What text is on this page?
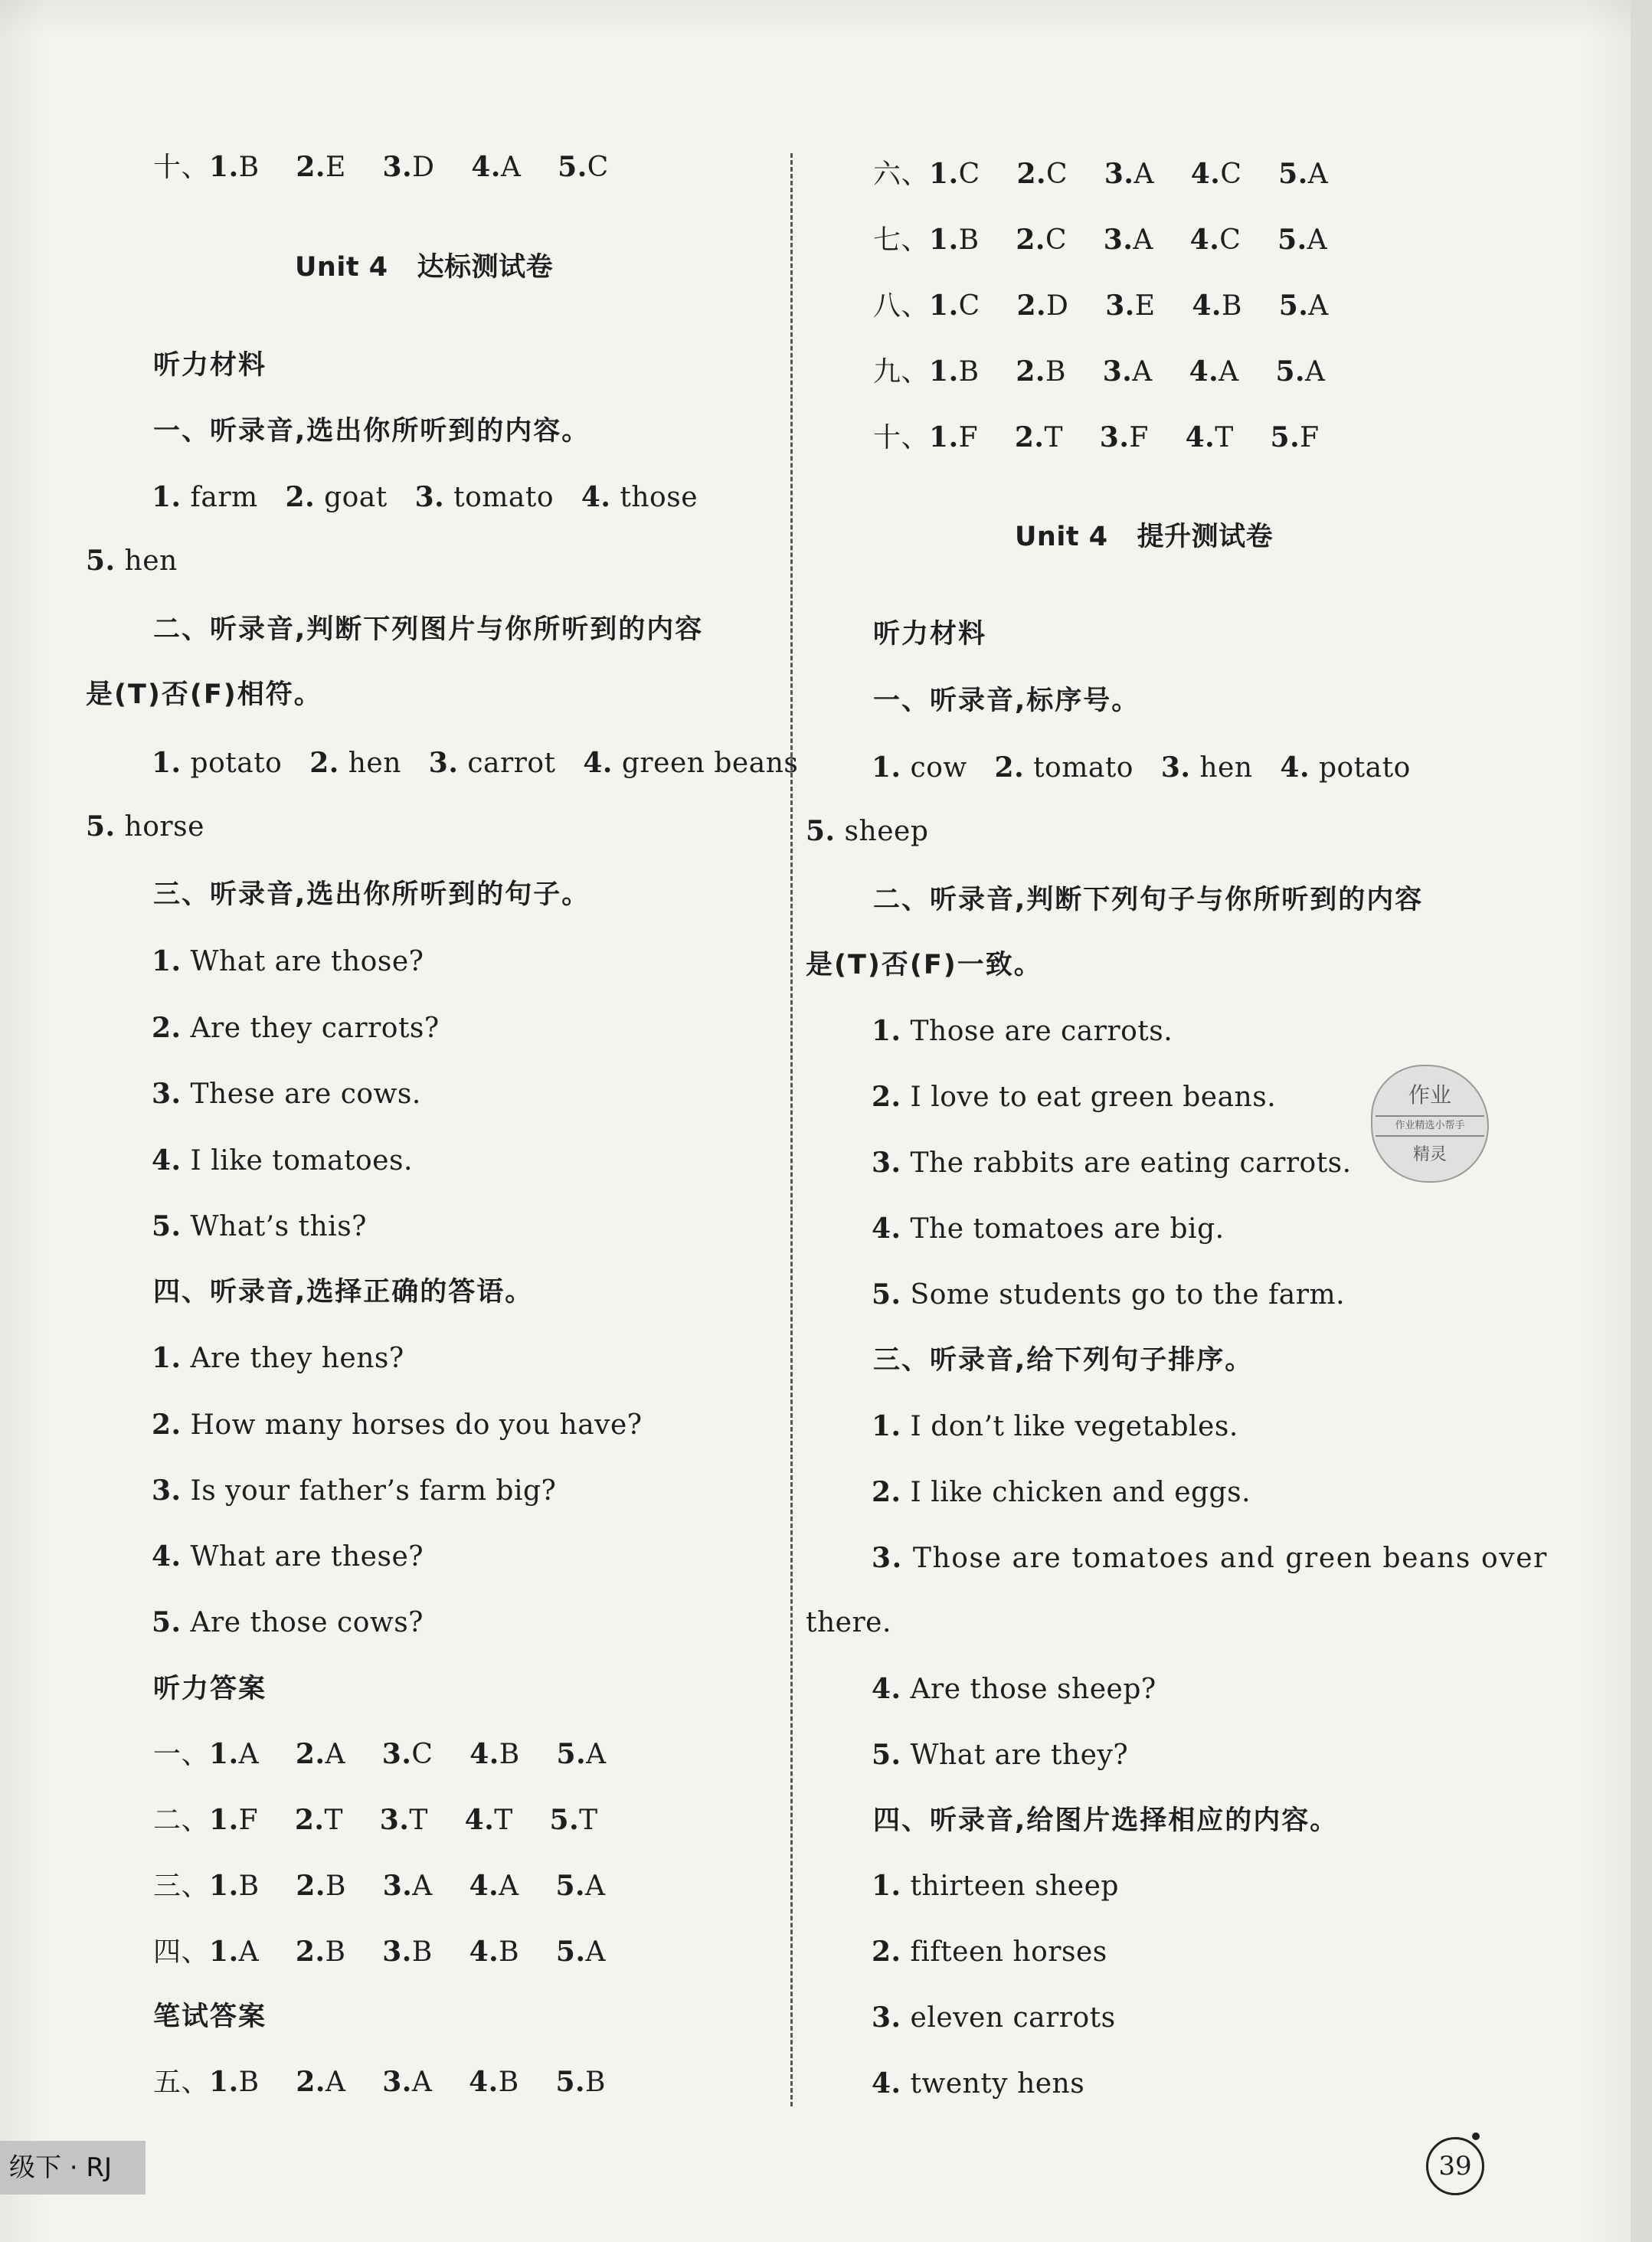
十、1.B 2.E 3.D 4.A 5.C
Unit 4   达标测试卷
听力材料
一、听录音,选出你所听到的内容。
1. farm 2. goat 3. tomato 4. those
5. hen
二、听录音,判断下列图片与你所听到的内容
是(T)否(F)相符。
1. potato 2. hen 3. carrot 4. green beans
5. horse
三、听录音,选出你所听到的句子。
1. What are those?
2. Are they carrots?
3. These are cows.
4. I like tomatoes.
5. What’s this?
四、听录音,选择正确的答语。
1. Are they hens?
2. How many horses do you have?
3. Is your father’s farm big?
4. What are these?
5. Are those cows?
听力答案
一、1.A 2.A 3.C 4.B 5.A
二、1.F 2.T 3.T 4.T 5.T
三、1.B 2.B 3.A 4.A 5.A
四、1.A 2.B 3.B 4.B 5.A
笔试答案
五、1.B 2.A 3.A 4.B 5.B
六、1.C 2.C 3.A 4.C 5.A
七、1.B 2.C 3.A 4.C 5.A
八、1.C 2.D 3.E 4.B 5.A
九、1.B 2.B 3.A 4.A 5.A
十、1.F 2.T 3.F 4.T 5.F
Unit 4   提升测试卷
听力材料
一、听录音,标序号。
1. cow 2. tomato 3. hen 4. potato
5. sheep
二、听录音,判断下列句子与你所听到的内容
是(T)否(F)一致。
1. Those are carrots.
2. I love to eat green beans.
3. The rabbits are eating carrots.
4. The tomatoes are big.
5. Some students go to the farm.
三、听录音,给下列句子排序。
1. I don’t like vegetables.
2. I like chicken and eggs.
3. Those are tomatoes and green beans over
there.
4. Are those sheep?
5. What are they?
四、听录音,给图片选择相应的内容。
1. thirteen sheep
2. fifteen horses
3. eleven carrots
4. twenty hens
作业
作业精选小帮手
精灵
级下 · RJ	39
